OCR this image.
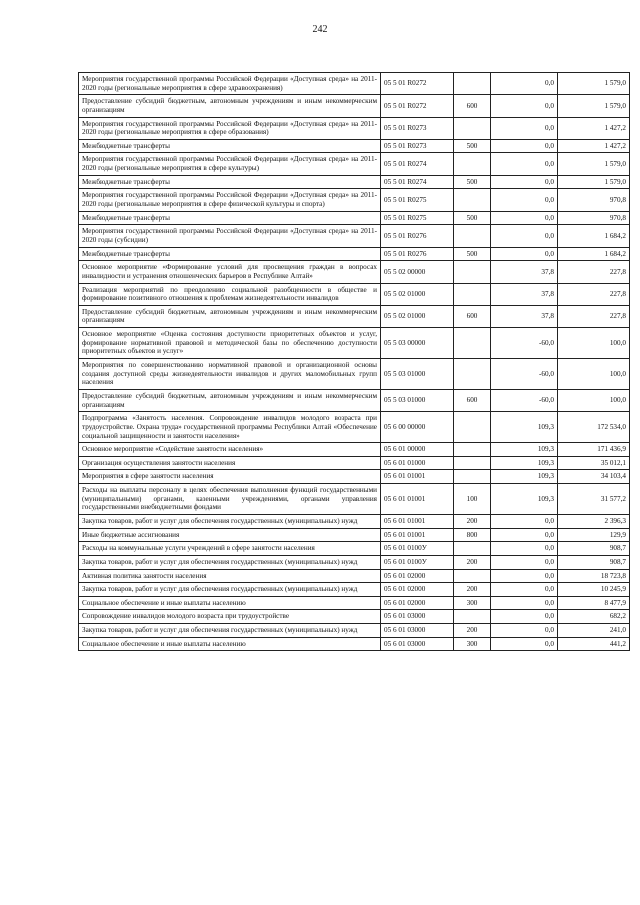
242
Мероприятия государственной программы Российской Федерации «Доступная среда» на 2011-2020 годы (региональные мероприятия в сфере здравоохранения)	05 5 01 R0272		0,0	1 579,0
Предоставление субсидий бюджетным, автономным учреждениям и иным некоммерческим организациям	05 5 01 R0272	600	0,0	1 579,0
Мероприятия государственной программы Российской Федерации «Доступная среда» на 2011-2020 годы (региональные мероприятия в сфере образования)	05 5 01 R0273		0,0	1 427,2
Межбюджетные трансферты	05 5 01 R0273	500	0,0	1 427,2
Мероприятия государственной программы Российской Федерации «Доступная среда» на 2011-2020 годы (региональные мероприятия в сфере культуры)	05 5 01 R0274		0,0	1 579,0
Межбюджетные трансферты	05 5 01 R0274	500	0,0	1 579,0
Мероприятия государственной программы Российской Федерации «Доступная среда» на 2011-2020 годы (региональные мероприятия в сфере физической культуры и спорта)	05 5 01 R0275		0,0	970,8
Межбюджетные трансферты	05 5 01 R0275	500	0,0	970,8
Мероприятия государственной программы Российской Федерации «Доступная среда» на 2011-2020 годы (субсидии)	05 5 01 R0276		0,0	1 684,2
Межбюджетные трансферты	05 5 01 R0276	500	0,0	1 684,2
Основное мероприятие «Формирование условий для просвещения граждан в вопросах инвалидности и устранения отношенческих барьеров в Республике Алтай»	05 5 02 00000		37,8	227,8
Реализация мероприятий по преодолению социальной разобщенности в обществе и формирование позитивного отношения к проблемам жизнедеятельности инвалидов	05 5 02 01000		37,8	227,8
Предоставление субсидий бюджетным, автономным учреждениям и иным некоммерческим организациям	05 5 02 01000	600	37,8	227,8
Основное мероприятие «Оценка состояния доступности приоритетных объектов и услуг, формирование нормативной правовой и методической базы по обеспечению доступности приоритетных объектов и услуг»	05 5 03 00000		-60,0	100,0
Мероприятия по совершенствованию нормативной правовой и организационной основы создания доступной среды жизнедеятельности инвалидов и других маломобильных групп населения	05 5 03 01000		-60,0	100,0
Предоставление субсидий бюджетным, автономным учреждениям и иным некоммерческим организациям	05 5 03 01000	600	-60,0	100,0
Подпрограмма «Занятость населения. Сопровождение инвалидов молодого возраста при трудоустройстве. Охрана труда» государственной программы Республики Алтай «Обеспечение социальной защищенности и занятости населения»	05 6 00 00000		109,3	172 534,0
Основное мероприятие «Содействие занятости населения»	05 6 01 00000		109,3	171 436,9
Организация осуществления занятости населения	05 6 01 01000		109,3	35 012,1
Мероприятия в сфере занятости населения	05 6 01 01001		109,3	34 103,4
Расходы на выплаты персоналу в целях обеспечения выполнения функций государственными (муниципальными) органами, казенными учреждениями, органами управления государственными внебюджетными фондами	05 6 01 01001	100	109,3	31 577,2
Закупка товаров, работ и услуг для обеспечения государственных (муниципальных) нужд	05 6 01 01001	200	0,0	2 396,3
Иные бюджетные ассигнования	05 6 01 01001	800	0,0	129,9
Расходы на коммунальные услуги учреждений в сфере занятости населения	05 6 01 0100У		0,0	908,7
Закупка товаров, работ и услуг для обеспечения государственных (муниципальных) нужд	05 6 01 0100У	200	0,0	908,7
Активная политика занятости населения	05 6 01 02000		0,0	18 723,8
Закупка товаров, работ и услуг для обеспечения государственных (муниципальных) нужд	05 6 01 02000	200	0,0	10 245,9
Социальное обеспечение и иные выплаты населению	05 6 01 02000	300	0,0	8 477,9
Сопровождение инвалидов молодого возраста при трудоустройстве	05 6 01 03000		0,0	682,2
Закупка товаров, работ и услуг для обеспечения государственных (муниципальных) нужд	05 6 01 03000	200	0,0	241,0
Социальное обеспечение и иные выплаты населению	05 6 01 03000	300	0,0	441,2
